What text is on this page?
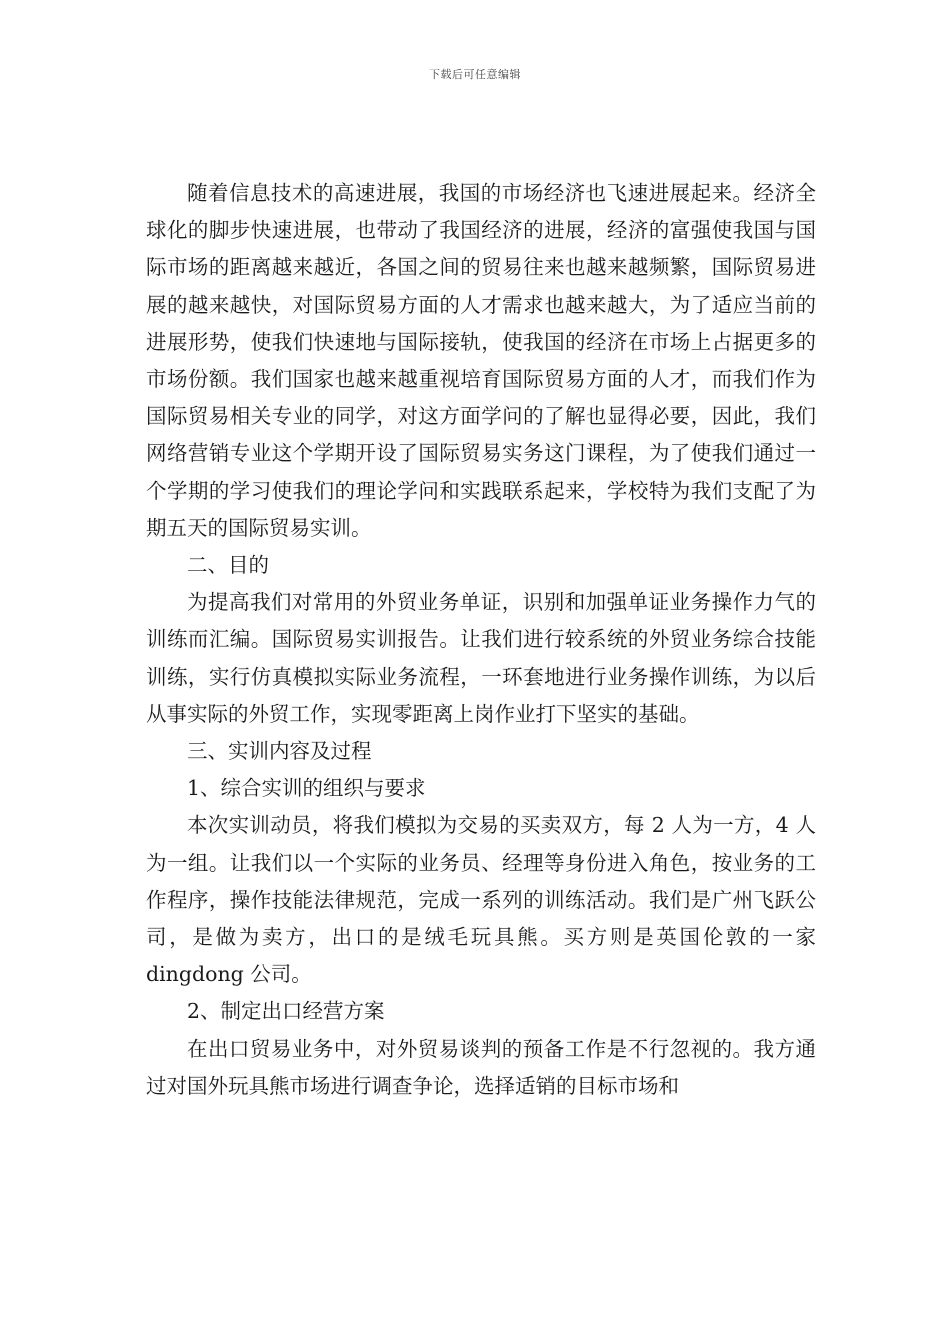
下载后可任意编辑

随着信息技术的高速进展，我国的市场经济也飞速进展起来。经济全球化的脚步快速进展，也带动了我国经济的进展，经济的富强使我国与国际市场的距离越来越近，各国之间的贸易往来也越来越频繁，国际贸易进展的越来越快，对国际贸易方面的人才需求也越来越大，为了适应当前的进展形势，使我们快速地与国际接轨，使我国的经济在市场上占据更多的市场份额。我们国家也越来越重视培育国际贸易方面的人才，而我们作为国际贸易相关专业的同学，对这方面学问的了解也显得必要，因此，我们网络营销专业这个学期开设了国际贸易实务这门课程，为了使我们通过一个学期的学习使我们的理论学问和实践联系起来，学校特为我们支配了为期五天的国际贸易实训。

二、目的

为提高我们对常用的外贸业务单证，识别和加强单证业务操作力气的训练而汇编。国际贸易实训报告。让我们进行较系统的外贸业务综合技能训练，实行仿真模拟实际业务流程，一环套地进行业务操作训练，为以后从事实际的外贸工作，实现零距离上岗作业打下坚实的基础。

三、实训内容及过程

1、综合实训的组织与要求

本次实训动员，将我们模拟为交易的买卖双方，每 2 人为一方，4 人为一组。让我们以一个实际的业务员、经理等身份进入角色，按业务的工作程序，操作技能法律规范，完成一系列的训练活动。我们是广州飞跃公司，是做为卖方，出口的是绒毛玩具熊。买方则是英国伦敦的一家 dingdong 公司。

2、制定出口经营方案

在出口贸易业务中，对外贸易谈判的预备工作是不行忽视的。我方通过对国外玩具熊市场进行调查争论，选择适销的目标市场和
